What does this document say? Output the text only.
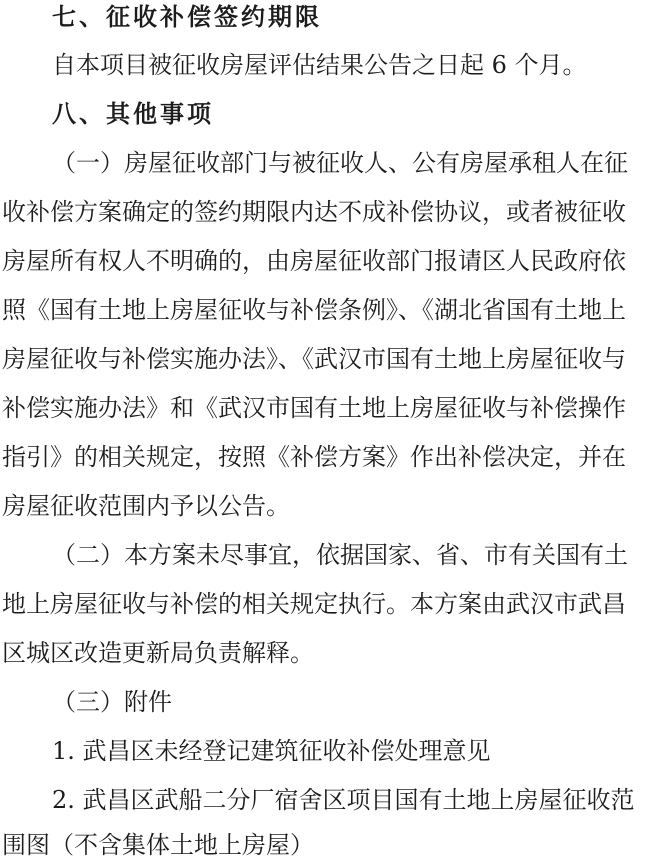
七、征收补偿签约期限
自本项目被征收房屋评估结果公告之日起 6 个月。
八、其他事项
（一）房屋征收部门与被征收人、公有房屋承租人在征
收补偿方案确定的签约期限内达不成补偿协议，或者被征收
房屋所有权人不明确的，由房屋征收部门报请区人民政府依
照《国有土地上房屋征收与补偿条例》、《湖北省国有土地上
房屋征收与补偿实施办法》、《武汉市国有土地上房屋征收与
补偿实施办法》和《武汉市国有土地上房屋征收与补偿操作
指引》的相关规定，按照《补偿方案》作出补偿决定，并在
房屋征收范围内予以公告。
（二）本方案未尽事宜，依据国家、省、市有关国有土
地上房屋征收与补偿的相关规定执行。本方案由武汉市武昌
区城区改造更新局负责解释。
（三）附件
1. 武昌区未经登记建筑征收补偿处理意见
2. 武昌区武船二分厂宿舍区项目国有土地上房屋征收范
围图（不含集体土地上房屋）
